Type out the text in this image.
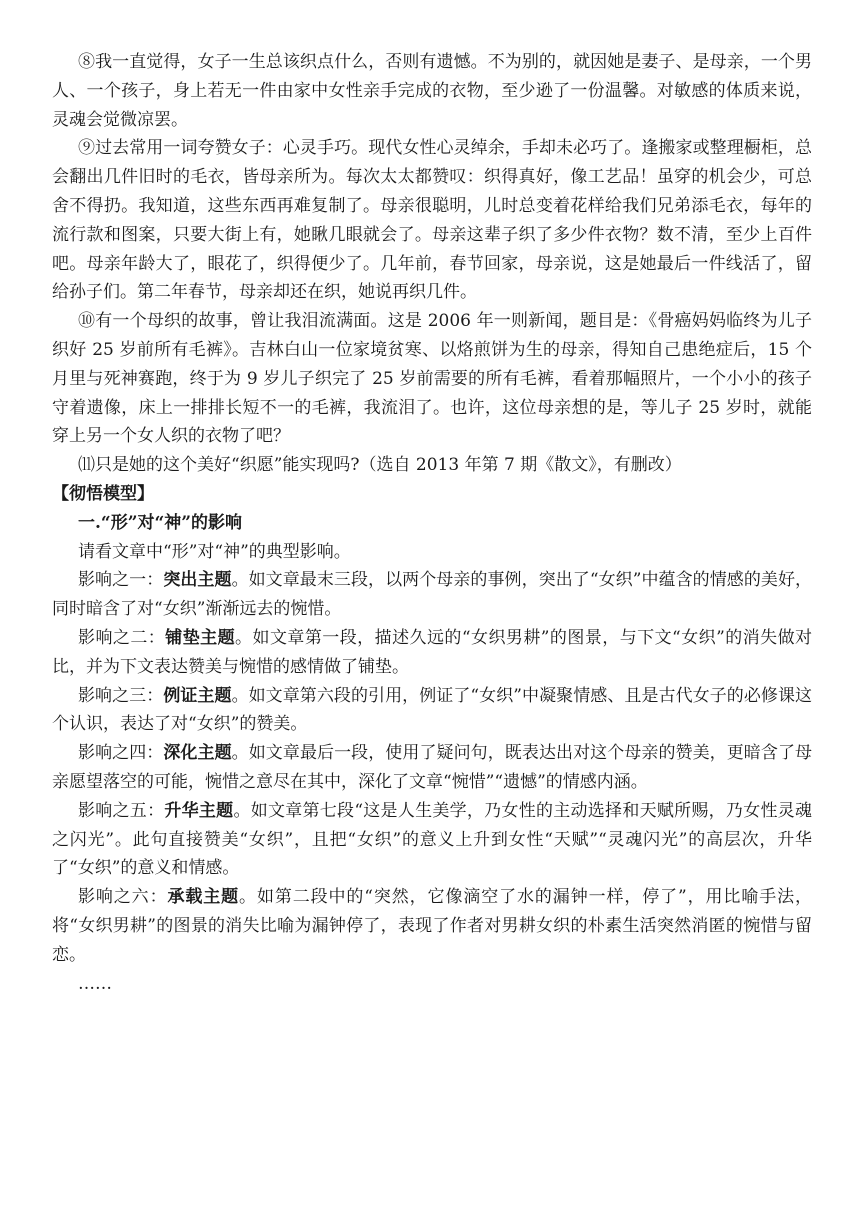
⑧我一直觉得，女子一生总该织点什么，否则有遗憾。不为别的，就因她是妻子、是母亲，一个男人、一个孩子，身上若无一件由家中女性亲手完成的衣物，至少逊了一份温馨。对敏感的体质来说，灵魂会觉微凉罢。

⑨过去常用一词夸赞女子：心灵手巧。现代女性心灵绰余，手却未必巧了。逢搬家或整理橱柜，总会翻出几件旧时的毛衣，皆母亲所为。每次太太都赞叹：织得真好，像工艺品！虽穿的机会少，可总舍不得扔。我知道，这些东西再难复制了。母亲很聪明，儿时总变着花样给我们兄弟添毛衣，每年的流行款和图案，只要大街上有，她瞅几眼就会了。母亲这辈子织了多少件衣物？数不清，至少上百件吧。母亲年龄大了，眼花了，织得便少了。几年前，春节回家，母亲说，这是她最后一件线活了，留给孙子们。第二年春节，母亲却还在织，她说再织几件。

⑩有一个母织的故事，曾让我泪流满面。这是 2006 年一则新闻，题目是：《骨癌妈妈临终为儿子织好 25 岁前所有毛裤》。吉林白山一位家境贫寒、以烙煎饼为生的母亲，得知自己患绝症后，15 个月里与死神赛跑，终于为 9 岁儿子织完了 25 岁前需要的所有毛裤，看着那幅照片，一个小小的孩子守着遗像，床上一排排长短不一的毛裤，我流泪了。也许，这位母亲想的是，等儿子 25 岁时，就能穿上另一个女人织的衣物了吧？

⑾只是她的这个美好“织愿”能实现吗?（选自 2013 年第 7 期《散文》，有删改）

【彻悟模型】

一.“形”对“神”的影响

请看文章中“形”对“神”的典型影响。

影响之一：突出主题。如文章最末三段，以两个母亲的事例，突出了“女织”中蕴含的情感的美好，同时暗含了对“女织”渐渐远去的惋惜。

影响之二：铺垫主题。如文章第一段，描述久远的“女织男耕”的图景，与下文“女织”的消失做对比，并为下文表达赞美与惋惜的感情做了铺垫。

影响之三：例证主题。如文章第六段的引用，例证了“女织”中凝聚情感、且是古代女子的必修课这个认识，表达了对“女织”的赞美。

影响之四：深化主题。如文章最后一段，使用了疑问句，既表达出对这个母亲的赞美，更暗含了母亲愿望落空的可能，惋惜之意尽在其中，深化了文章“惋惜”“遗憾”的情感内涵。

影响之五：升华主题。如文章第七段“这是人生美学，乃女性的主动选择和天赋所赐，乃女性灵魂之闪光”。此句直接赞美“女织”，且把“女织”的意义上升到女性“天赋”“灵魂闪光”的高层次，升华了“女织”的意义和情感。

影响之六：承载主题。如第二段中的“突然，它像滴空了水的漏钟一样，停了”，用比喻手法，将“女织男耕”的图景的消失比喻为漏钟停了，表现了作者对男耕女织的朴素生活突然消匿的惋惜与留恋。

……
